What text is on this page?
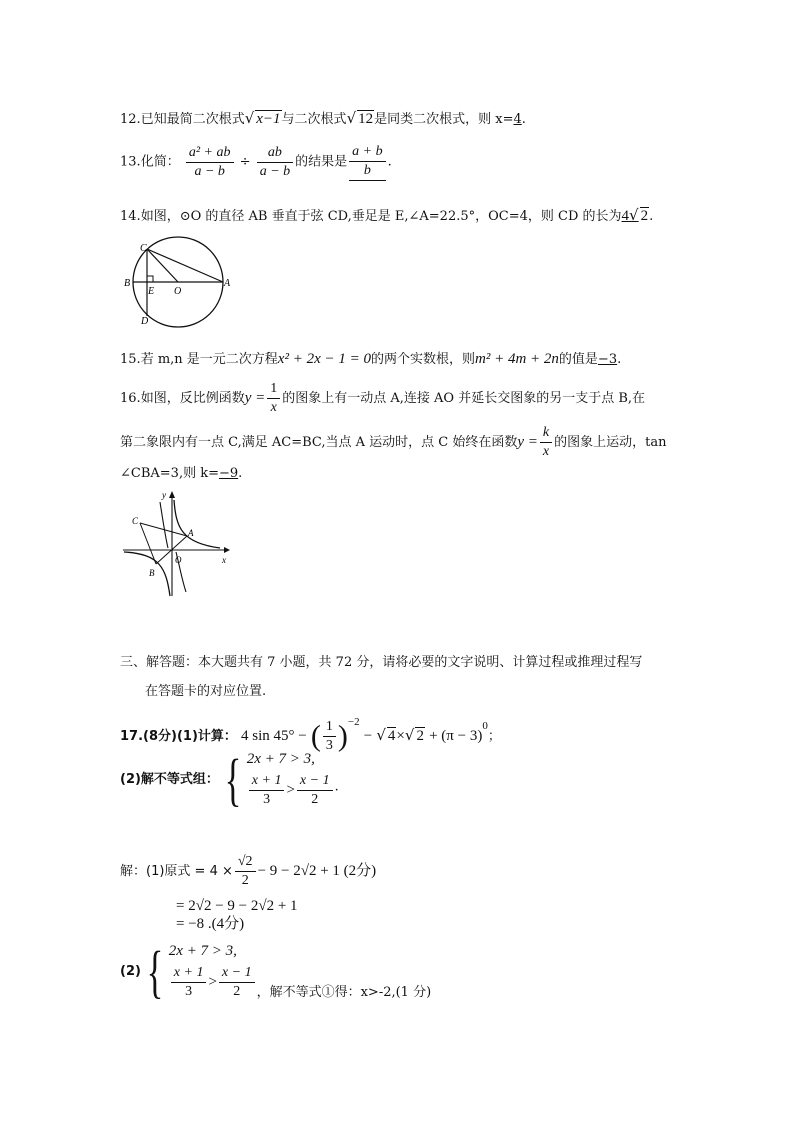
12.已知最简二次根式√ x−1与二次根式√ 12是同类二次根式，则 x=4.
13.化简： $\frac{\text{a² + ab}}{a - b} \div \frac{ab}{a - b}$ 的结果是 $\frac{a + b}{b}$ .
14.如图，⊙O 的直径 AB 垂直于弦 CD,垂足是 E,∠A=22.5°，OC=4，则 CD 的长为4√ 2.
C
B
E O
A
D
15.若 m,n 是一元二次方程x² + 2x − 1 = 0的两个实数根，则m² + 4m + 2n的值是−3.
16.如图，反比例函数$y = \frac{1}{x}$ 的图象上有一动点 A,连接 AO 并延长交图象的另一支于点 B,在
第二象限内有一点 C,满足 AC=BC,当点 A 运动时，点 C 始终在函数$y = \frac{k}{x}$ 的图象上运动，tan
∠CBA=3,则 k=−9.
y
C
A
O
B
x
三、解答题：本大题共有 7 小题，共 72 分，请将必要的文字说明、计算过程或推理过程写
在答题卡的对应位置.
17.(8分)(1)计算： 4 sin 45° − ( $\frac{1}{3} )^{-2}$ − √ 4×√ $2 + (\pi - 3)^0$；
(2)解不等式组： { 2x + 7 > 3,
$\frac{x + 1}{3} > \frac{x - 1}{2}$ ·
解：(1)原式 = $4 \times \frac{√2}{2} - 9 - 2√2 + 1$ (2分)
= 2√2 − 9 − 2√2 + 1
= −8 .(4分)
(2) { 2x + 7 > 3,
$\frac{x + 1}{3} > \frac{x - 1}{2}$ ，解不等式①得：x>-2,(1 分)
